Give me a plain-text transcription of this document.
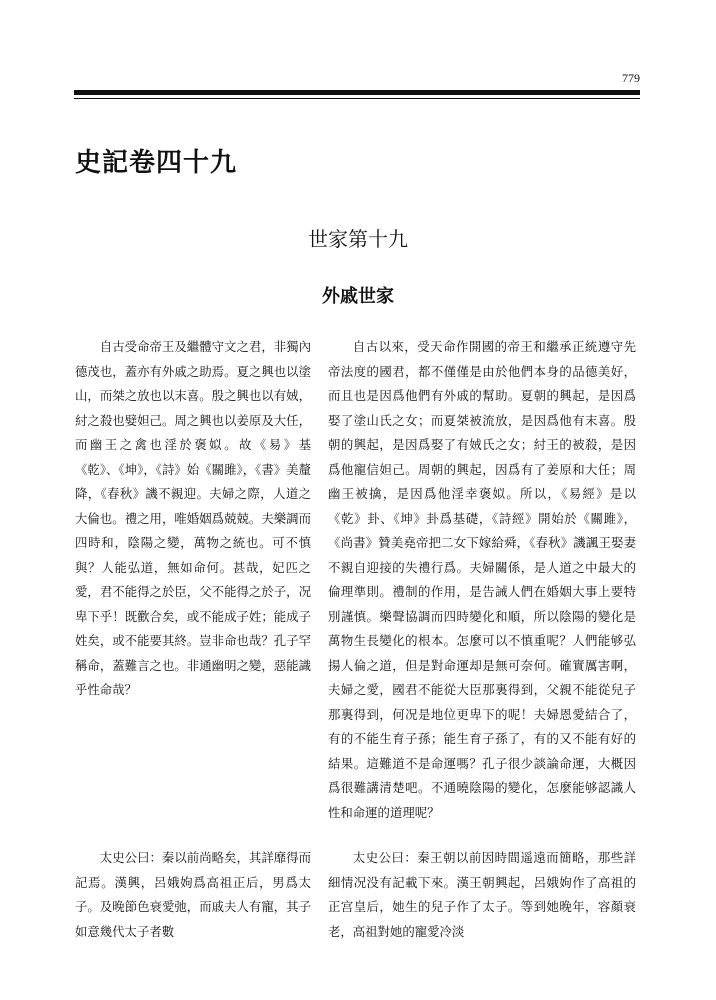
779
史記卷四十九
世家第十九
外戚世家

自古受命帝王及繼體守文之君，非獨內德茂也，蓋亦有外戚之助焉。夏之興也以塗山，而桀之放也以末喜。殷之興也以有娀，紂之殺也嬖妲己。周之興也以姜原及大任，而幽王之禽也淫於褒姒。故《易》基《乾》、《坤》，《詩》始《關雎》，《書》美釐降，《春秋》譏不親迎。夫婦之際，人道之大倫也。禮之用，唯婚姻爲兢兢。夫樂調而四時和，陰陽之變，萬物之統也。可不慎與？人能弘道，無如命何。甚哉，妃匹之愛，君不能得之於臣，父不能得之於子，况卑下乎！既歡合矣，或不能成子姓；能成子姓矣，或不能要其終。豈非命也哉？孔子罕稱命，蓋難言之也。非通幽明之變，惡能識乎性命哉？

自古以來，受天命作開國的帝王和繼承正統遵守先帝法度的國君，都不僅僅是由於他們本身的品德美好，而且也是因爲他們有外戚的幫助。夏朝的興起，是因爲娶了塗山氏之女；而夏桀被流放，是因爲他有末喜。殷朝的興起，是因爲娶了有娀氏之女；紂王的被殺，是因爲他寵信妲己。周朝的興起，因爲有了姜原和大任；周幽王被擒，是因爲他淫幸褒姒。所以，《易經》是以《乾》卦、《坤》卦爲基礎，《詩經》開始於《關雎》，《尚書》贊美堯帝把二女下嫁給舜，《春秋》譏諷王娶妻不親自迎接的失禮行爲。夫婦關係，是人道之中最大的倫理準則。禮制的作用，是告誡人們在婚姻大事上要特別謹慎。樂聲協調而四時變化和順，所以陰陽的變化是萬物生長變化的根本。怎麼可以不慎重呢？人們能够弘揚人倫之道，但是對命運却是無可奈何。確實厲害啊，夫婦之愛，國君不能從大臣那裏得到，父親不能從兒子那裏得到，何况是地位更卑下的呢！夫婦恩愛結合了，有的不能生育子孫；能生育子孫了，有的又不能有好的結果。這難道不是命運嗎？孔子很少談論命運，大概因爲很難講清楚吧。不通曉陰陽的變化，怎麼能够認識人性和命運的道理呢？

太史公曰：秦以前尚略矣，其詳靡得而記焉。漢興，呂娥姁爲高祖正后，男爲太子。及晚節色衰愛弛，而戚夫人有寵，其子如意幾代太子者數

太史公曰：秦王朝以前因時間遥遠而簡略，那些詳細情况没有記載下來。漢王朝興起，呂娥姁作了高祖的正宫皇后，她生的兒子作了太子。等到她晚年，容顏衰老，高祖對她的寵愛冷淡
